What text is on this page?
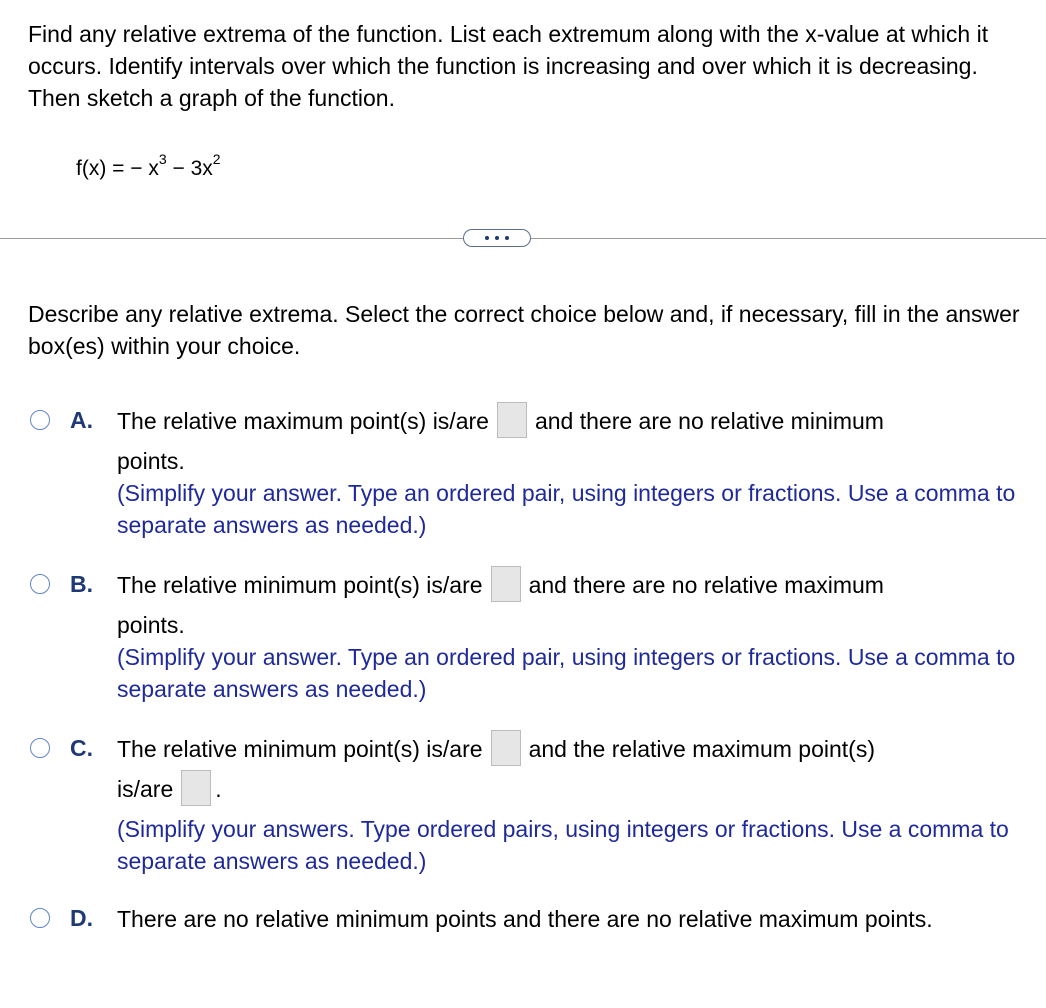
Find any relative extrema of the function. List each extremum along with the x-value at which it occurs. Identify intervals over which the function is increasing and over which it is decreasing. Then sketch a graph of the function.

f(x) = − $x^3 - 3x^2$

Describe any relative extrema. Select the correct choice below and, if necessary, fill in the answer box(es) within your choice.

A. The relative maximum point(s) is/are and there are no relative minimum
points.
(Simplify your answer. Type an ordered pair, using integers or fractions. Use a comma to separate answers as needed.)
B. The relative minimum point(s) is/are and there are no relative maximum
points.
(Simplify your answer. Type an ordered pair, using integers or fractions. Use a comma to separate answers as needed.)
C. The relative minimum point(s) is/are and the relative maximum point(s)
is/are .
(Simplify your answers. Type ordered pairs, using integers or fractions. Use a comma to separate answers as needed.)
D. There are no relative minimum points and there are no relative maximum points.
